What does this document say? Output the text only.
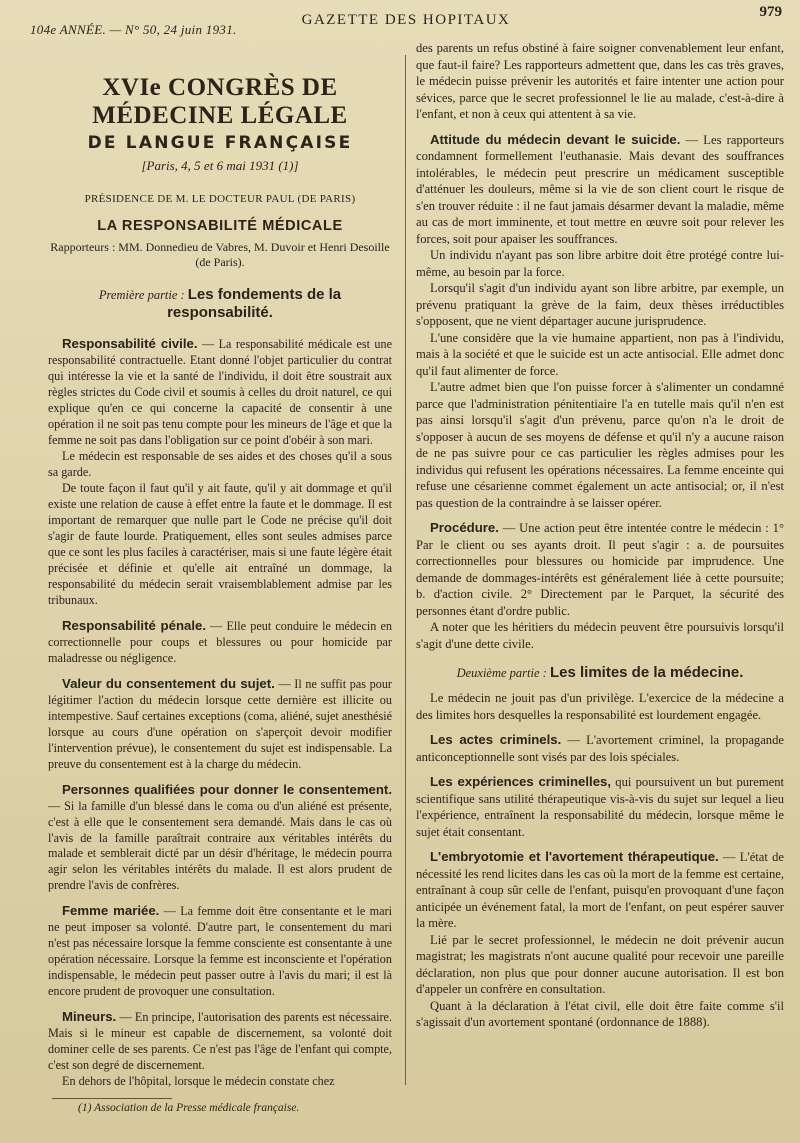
104e ANNÉE. — N° 50, 24 juin 1931.
GAZETTE DES HOPITAUX	979
XVIe CONGRÈS DE MÉDECINE LÉGALE
DE LANGUE FRANÇAISE
[Paris, 4, 5 et 6 mai 1931 (1)]
PRÉSIDENCE DE M. LE DOCTEUR PAUL (DE PARIS)
LA RESPONSABILITÉ MÉDICALE
Rapporteurs : MM. Donnedieu de Vabres, M. Duvoir et Henri Desoille (de Paris).
Première partie : Les fondements de la responsabilité.

Responsabilité civile. — La responsabilité médicale est une responsabilité contractuelle. Etant donné l'objet particulier du contrat qui intéresse la vie et la santé de l'individu, il doit être soustrait aux règles strictes du Code civil et soumis à celles du droit naturel, ce qui explique qu'en ce qui concerne la capacité de consentir à une opération il ne soit pas tenu compte pour les mineurs de l'âge et que la femme ne soit pas dans l'obligation sur ce point d'obéir à son mari.

Le médecin est responsable de ses aides et des choses qu'il a sous sa garde.

De toute façon il faut qu'il y ait faute, qu'il y ait dommage et qu'il existe une relation de cause à effet entre la faute et le dommage. Il est important de remarquer que nulle part le Code ne précise qu'il doit s'agir de faute lourde. Pratiquement, elles sont seules admises parce que ce sont les plus faciles à caractériser, mais si une faute légère était précisée et définie et qu'elle ait entraîné un dommage, la responsabilité du médecin serait vraisemblablement admise par les tribunaux.

Responsabilité pénale. — Elle peut conduire le médecin en correctionnelle pour coups et blessures ou pour homicide par maladresse ou négligence.

Valeur du consentement du sujet. — Il ne suffit pas pour légitimer l'action du médecin lorsque cette dernière est illicite ou intempestive. Sauf certaines exceptions (coma, aliéné, sujet anesthésié lorsque au cours d'une opération on s'aperçoit devoir modifier l'intervention prévue), le consentement du sujet est indispensable. La preuve du consentement est à la charge du médecin.

Personnes qualifiées pour donner le consentement. — Si la famille d'un blessé dans le coma ou d'un aliéné est présente, c'est à elle que le consentement sera demandé. Mais dans le cas où l'avis de la famille paraîtrait contraire aux véritables intérêts du malade et semblerait dicté par un désir d'héritage, le médecin pourra agir selon les véritables intérêts du malade. Il est alors prudent de prendre l'avis de confrères.

Femme mariée. — La femme doit être consentante et le mari ne peut imposer sa volonté. D'autre part, le consentement du mari n'est pas nécessaire lorsque la femme consciente est consentante à une opération nécessaire. Lorsque la femme est inconsciente et l'opération indispensable, le médecin peut passer outre à l'avis du mari; il est là encore prudent de provoquer une consultation.

Mineurs. — En principe, l'autorisation des parents est nécessaire. Mais si le mineur est capable de discernement, sa volonté doit dominer celle de ses parents. Ce n'est pas l'âge de l'enfant qui compte, c'est son degré de discernement.

En dehors de l'hôpital, lorsque le médecin constate chez

(1) Association de la Presse médicale française.

des parents un refus obstiné à faire soigner convenablement leur enfant, que faut-il faire? Les rapporteurs admettent que, dans les cas très graves, le médecin puisse prévenir les autorités et faire intenter une action pour sévices, parce que le secret professionnel le lie au malade, c'est-à-dire à l'enfant, et non à ceux qui attentent à sa vie.

Attitude du médecin devant le suicide. — Les rapporteurs condamnent formellement l'euthanasie. Mais devant des souffrances intolérables, le médecin peut prescrire un médicament susceptible d'atténuer les douleurs, même si la vie de son client court le risque de s'en trouver réduite : il ne faut jamais désarmer devant la maladie, même au cas de mort imminente, et tout mettre en œuvre soit pour relever les forces, soit pour apaiser les souffrances.

Un individu n'ayant pas son libre arbitre doit être protégé contre lui-même, au besoin par la force.

Lorsqu'il s'agit d'un individu ayant son libre arbitre, par exemple, un prévenu pratiquant la grève de la faim, deux thèses irréductibles s'opposent, que ne vient départager aucune jurisprudence.

L'une considère que la vie humaine appartient, non pas à l'individu, mais à la société et que le suicide est un acte antisocial. Elle admet donc qu'il faut alimenter de force.

L'autre admet bien que l'on puisse forcer à s'alimenter un condamné parce que l'administration pénitentiaire l'a en tutelle mais qu'il n'en est pas ainsi lorsqu'il s'agit d'un prévenu, parce qu'on n'a le droit de s'opposer à aucun de ses moyens de défense et qu'il n'y a aucune raison de ne pas suivre pour ce cas particulier les règles admises pour les individus qui refusent les opérations nécessaires. La femme enceinte qui refuse une césarienne commet également un acte antisocial; or, il n'est pas question de la contraindre à se laisser opérer.

Procédure. — Une action peut être intentée contre le médecin : 1° Par le client ou ses ayants droit. Il peut s'agir : a. de poursuites correctionnelles pour blessures ou homicide par imprudence. Une demande de dommages-intérêts est généralement liée à cette poursuite; b. d'action civile. 2° Directement par le Parquet, la sécurité des personnes étant d'ordre public.

A noter que les héritiers du médecin peuvent être poursuivis lorsqu'il s'agit d'une dette civile.

Deuxième partie : Les limites de la médecine.

Le médecin ne jouit pas d'un privilège. L'exercice de la médecine a des limites hors desquelles la responsabilité est lourdement engagée.

Les actes criminels. — L'avortement criminel, la propagande anticonceptionnelle sont visés par des lois spéciales.

Les expériences criminelles, qui poursuivent un but purement scientifique sans utilité thérapeutique vis-à-vis du sujet sur lequel a lieu l'expérience, entraînent la responsabilité du médecin, lorsque même le sujet était consentant.

L'embryotomie et l'avortement thérapeutique. — L'état de nécessité les rend licites dans les cas où la mort de la femme est certaine, entraînant à coup sûr celle de l'enfant, puisqu'en provoquant d'une façon anticipée un événement fatal, la mort de l'enfant, on peut espérer sauver la mère.

Lié par le secret professionnel, le médecin ne doit prévenir aucun magistrat; les magistrats n'ont aucune qualité pour recevoir une pareille déclaration, non plus que pour donner aucune autorisation. Il est bon d'appeler un confrère en consultation.

Quant à la déclaration à l'état civil, elle doit être faite comme s'il s'agissait d'un avortement spontané (ordonnance de 1888).
